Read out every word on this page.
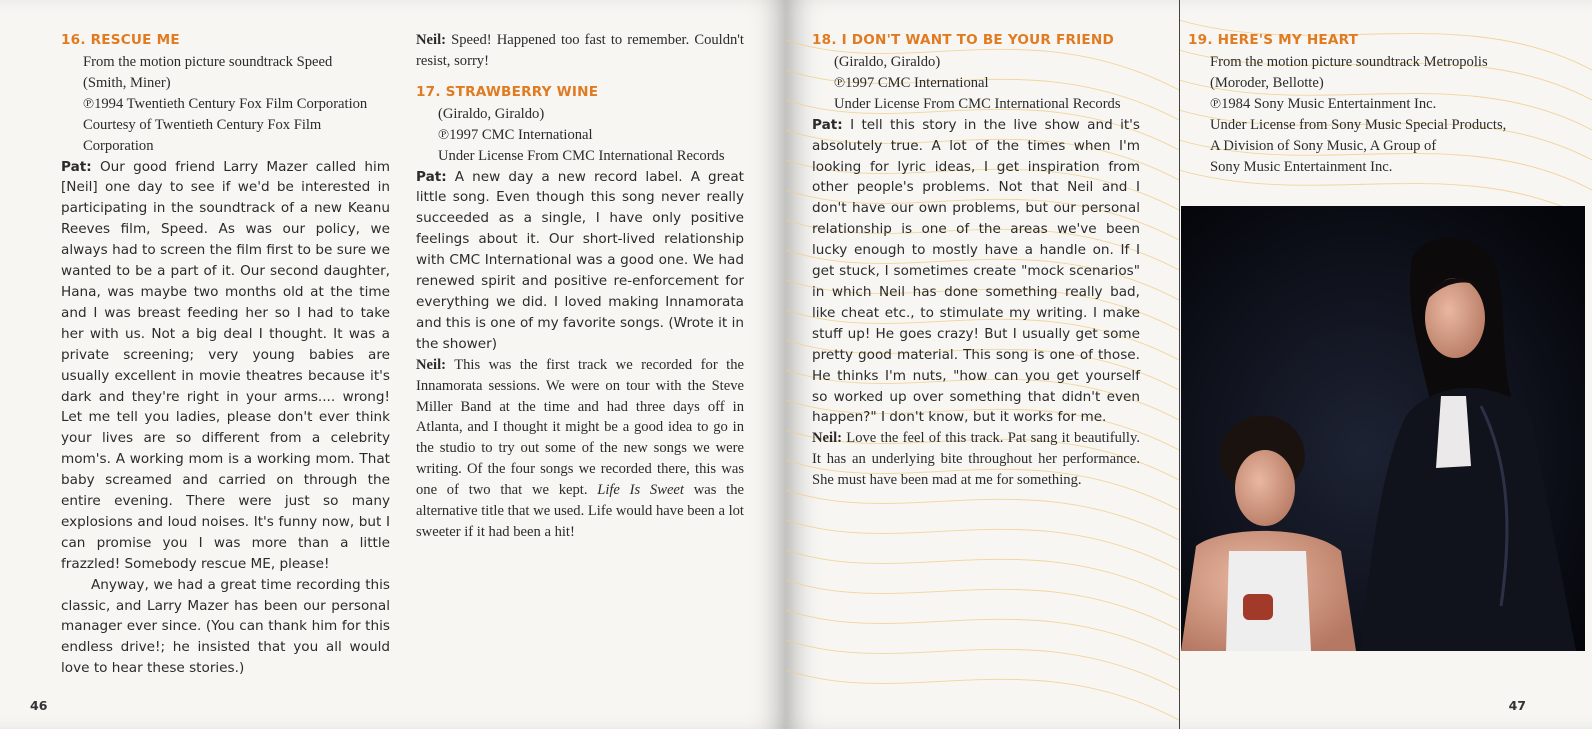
16. RESCUE ME
From the motion picture soundtrack Speed
(Smith, Miner)
℗1994 Twentieth Century Fox Film Corporation
Courtesy of Twentieth Century Fox Film Corporation
Pat: Our good friend Larry Mazer called him [Neil] one day to see if we'd be interested in participating in the soundtrack of a new Keanu Reeves film, Speed. As was our policy, we always had to screen the film first to be sure we wanted to be a part of it. Our second daughter, Hana, was maybe two months old at the time and I was breast feeding her so I had to take her with us. Not a big deal I thought. It was a private screening; very young babies are usually excellent in movie theatres because it's dark and they're right in your arms.... wrong! Let me tell you ladies, please don't ever think your lives are so different from a celebrity mom's. A working mom is a working mom. That baby screamed and carried on through the entire evening. There were just so many explosions and loud noises. It's funny now, but I can promise you I was more than a little frazzled! Somebody rescue ME, please!
Anyway, we had a great time recording this classic, and Larry Mazer has been our personal manager ever since. (You can thank him for this endless drive!; he insisted that you all would love to hear these stories.)
Neil: Speed! Happened too fast to remember. Couldn't resist, sorry!
17. STRAWBERRY WINE
(Giraldo, Giraldo)
℗1997 CMC International
Under License From CMC International Records
Pat: A new day a new record label. A great little song. Even though this song never really succeeded as a single, I have only positive feelings about it. Our short-lived relationship with CMC International was a good one. We had renewed spirit and positive re-enforcement for everything we did. I loved making Innamorata and this is one of my favorite songs. (Wrote it in the shower)
Neil: This was the first track we recorded for the Innamorata sessions. We were on tour with the Steve Miller Band at the time and had three days off in Atlanta, and I thought it might be a good idea to go in the studio to try out some of the new songs we were writing. Of the four songs we recorded there, this was one of two that we kept. Life Is Sweet was the alternative title that we used. Life would have been a lot sweeter if it had been a hit!
46
18. I DON'T WANT TO BE YOUR FRIEND
(Giraldo, Giraldo)
℗1997 CMC International
Under License From CMC International Records
Pat: I tell this story in the live show and it's absolutely true. A lot of the times when I'm looking for lyric ideas, I get inspiration from other people's problems. Not that Neil and I don't have our own problems, but our personal relationship is one of the areas we've been lucky enough to mostly have a handle on. If I get stuck, I sometimes create "mock scenarios" in which Neil has done something really bad, like cheat etc., to stimulate my writing. I make stuff up! He goes crazy! But I usually get some pretty good material. This song is one of those. He thinks I'm nuts, "how can you get yourself so worked up over something that didn't even happen?" I don't know, but it works for me.
Neil: Love the feel of this track. Pat sang it beautifully. It has an underlying bite throughout her performance. She must have been mad at me for something.
19. HERE'S MY HEART
From the motion picture soundtrack Metropolis
(Moroder, Bellotte)
℗1984 Sony Music Entertainment Inc.
Under License from Sony Music Special Products,
A Division of Sony Music, A Group of
Sony Music Entertainment Inc.
47
